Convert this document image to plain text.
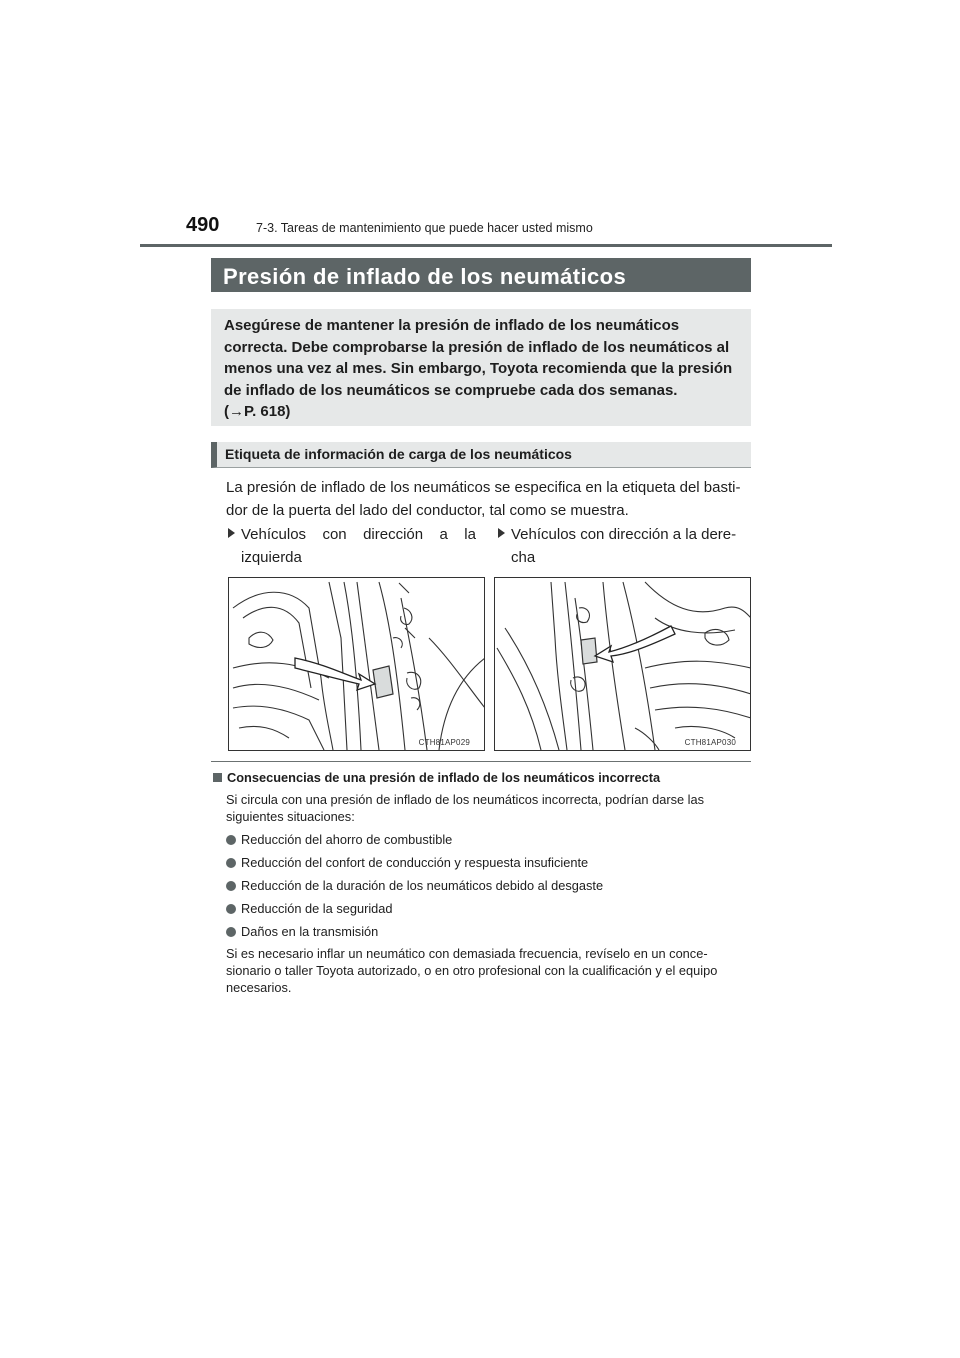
490	7-3. Tareas de mantenimiento que puede hacer usted mismo
Presión de inflado de los neumáticos

Asegúrese de mantener la presión de inflado de los neumáticos

correcta. Debe comprobarse la presión de inflado de los neumáticos al

menos una vez al mes. Sin embargo, Toyota recomienda que la presión

de inflado de los neumáticos se compruebe cada dos semanas.

(→P. 618)

Etiqueta de información de carga de los neumáticos

La presión de inflado de los neumáticos se especifica en la etiqueta del basti-

dor de la puerta del lado del conductor, tal como se muestra.

Vehículos con dirección a la
izquierda
Vehículos con dirección a la dere-
cha
CTH81AP029	CTH81AP030
Consecuencias de una presión de inflado de los neumáticos incorrecta

Si circula con una presión de inflado de los neumáticos incorrecta, podrían darse las

siguientes situaciones:

Reducción del ahorro de combustible
Reducción del confort de conducción y respuesta insuficiente
Reducción de la duración de los neumáticos debido al desgaste
Reducción de la seguridad
Daños en la transmisión

Si es necesario inflar un neumático con demasiada frecuencia, revíselo en un conce-

sionario o taller Toyota autorizado, o en otro profesional con la cualificación y el equipo

necesarios.
